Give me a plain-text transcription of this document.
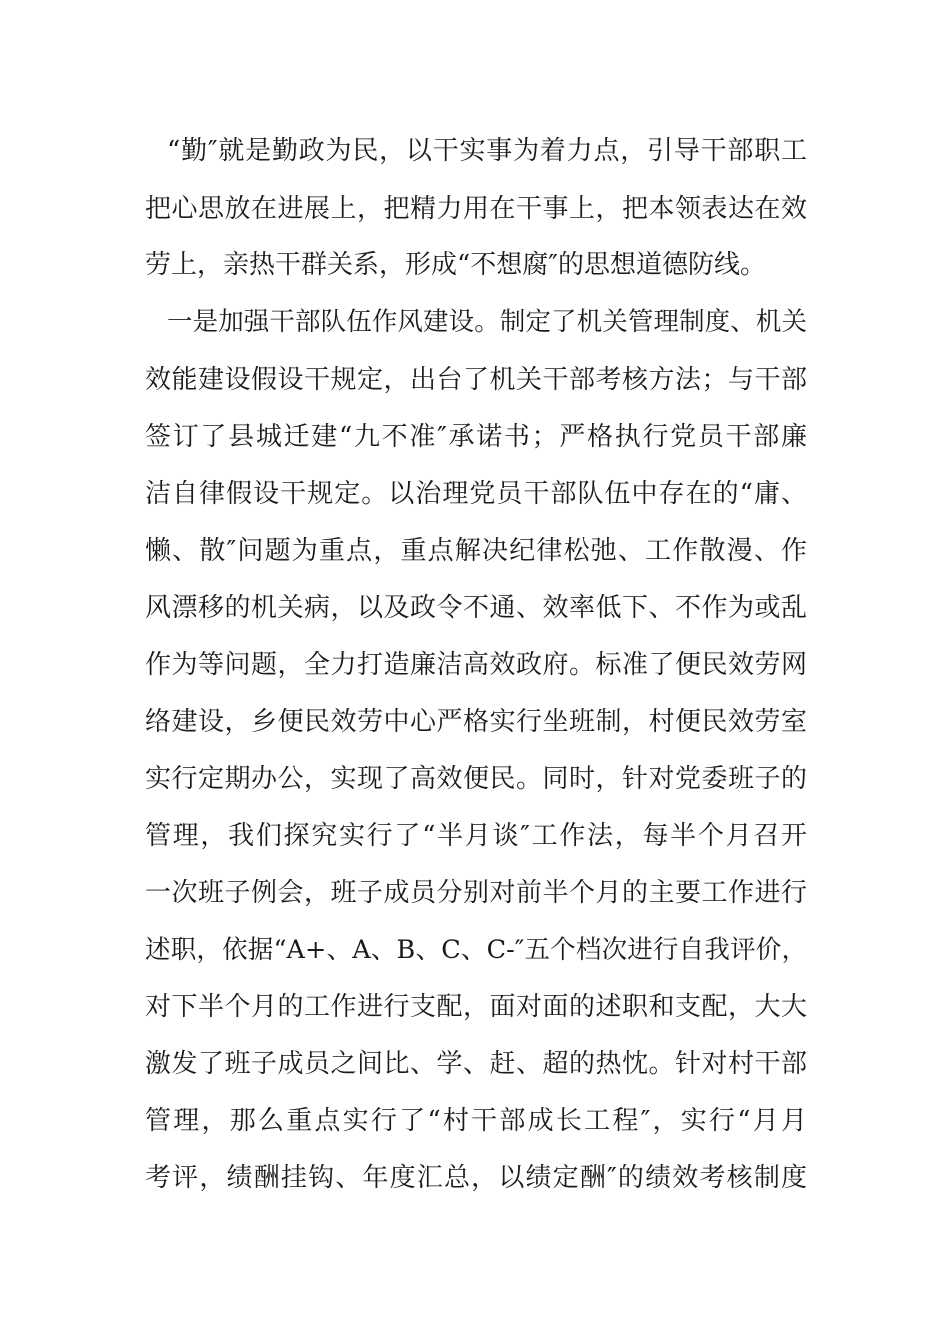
“勤″就是勤政为民，以干实事为着力点，引导干部职工
把心思放在进展上，把精力用在干事上，把本领表达在效
劳上，亲热干群关系，形成“不想腐″的思想道德防线。
一是加强干部队伍作风建设。制定了机关管理制度、机关
效能建设假设干规定，出台了机关干部考核方法；与干部
签订了县城迁建“九不准″承诺书；严格执行党员干部廉
洁自律假设干规定。以治理党员干部队伍中存在的“庸、
懒、散″问题为重点，重点解决纪律松弛、工作散漫、作
风漂移的机关病，以及政令不通、效率低下、不作为或乱
作为等问题，全力打造廉洁高效政府。标准了便民效劳网
络建设，乡便民效劳中心严格实行坐班制，村便民效劳室
实行定期办公，实现了高效便民。同时，针对党委班子的
管理，我们探究实行了“半月谈″工作法，每半个月召开
一次班子例会，班子成员分别对前半个月的主要工作进行
述职，依据“A+、A、B、C、C-″五个档次进行自我评价，
对下半个月的工作进行支配，面对面的述职和支配，大大
激发了班子成员之间比、学、赶、超的热忱。针对村干部
管理，那么重点实行了“村干部成长工程″，实行“月月
考评，绩酬挂钩、年度汇总，以绩定酬″的绩效考核制度
